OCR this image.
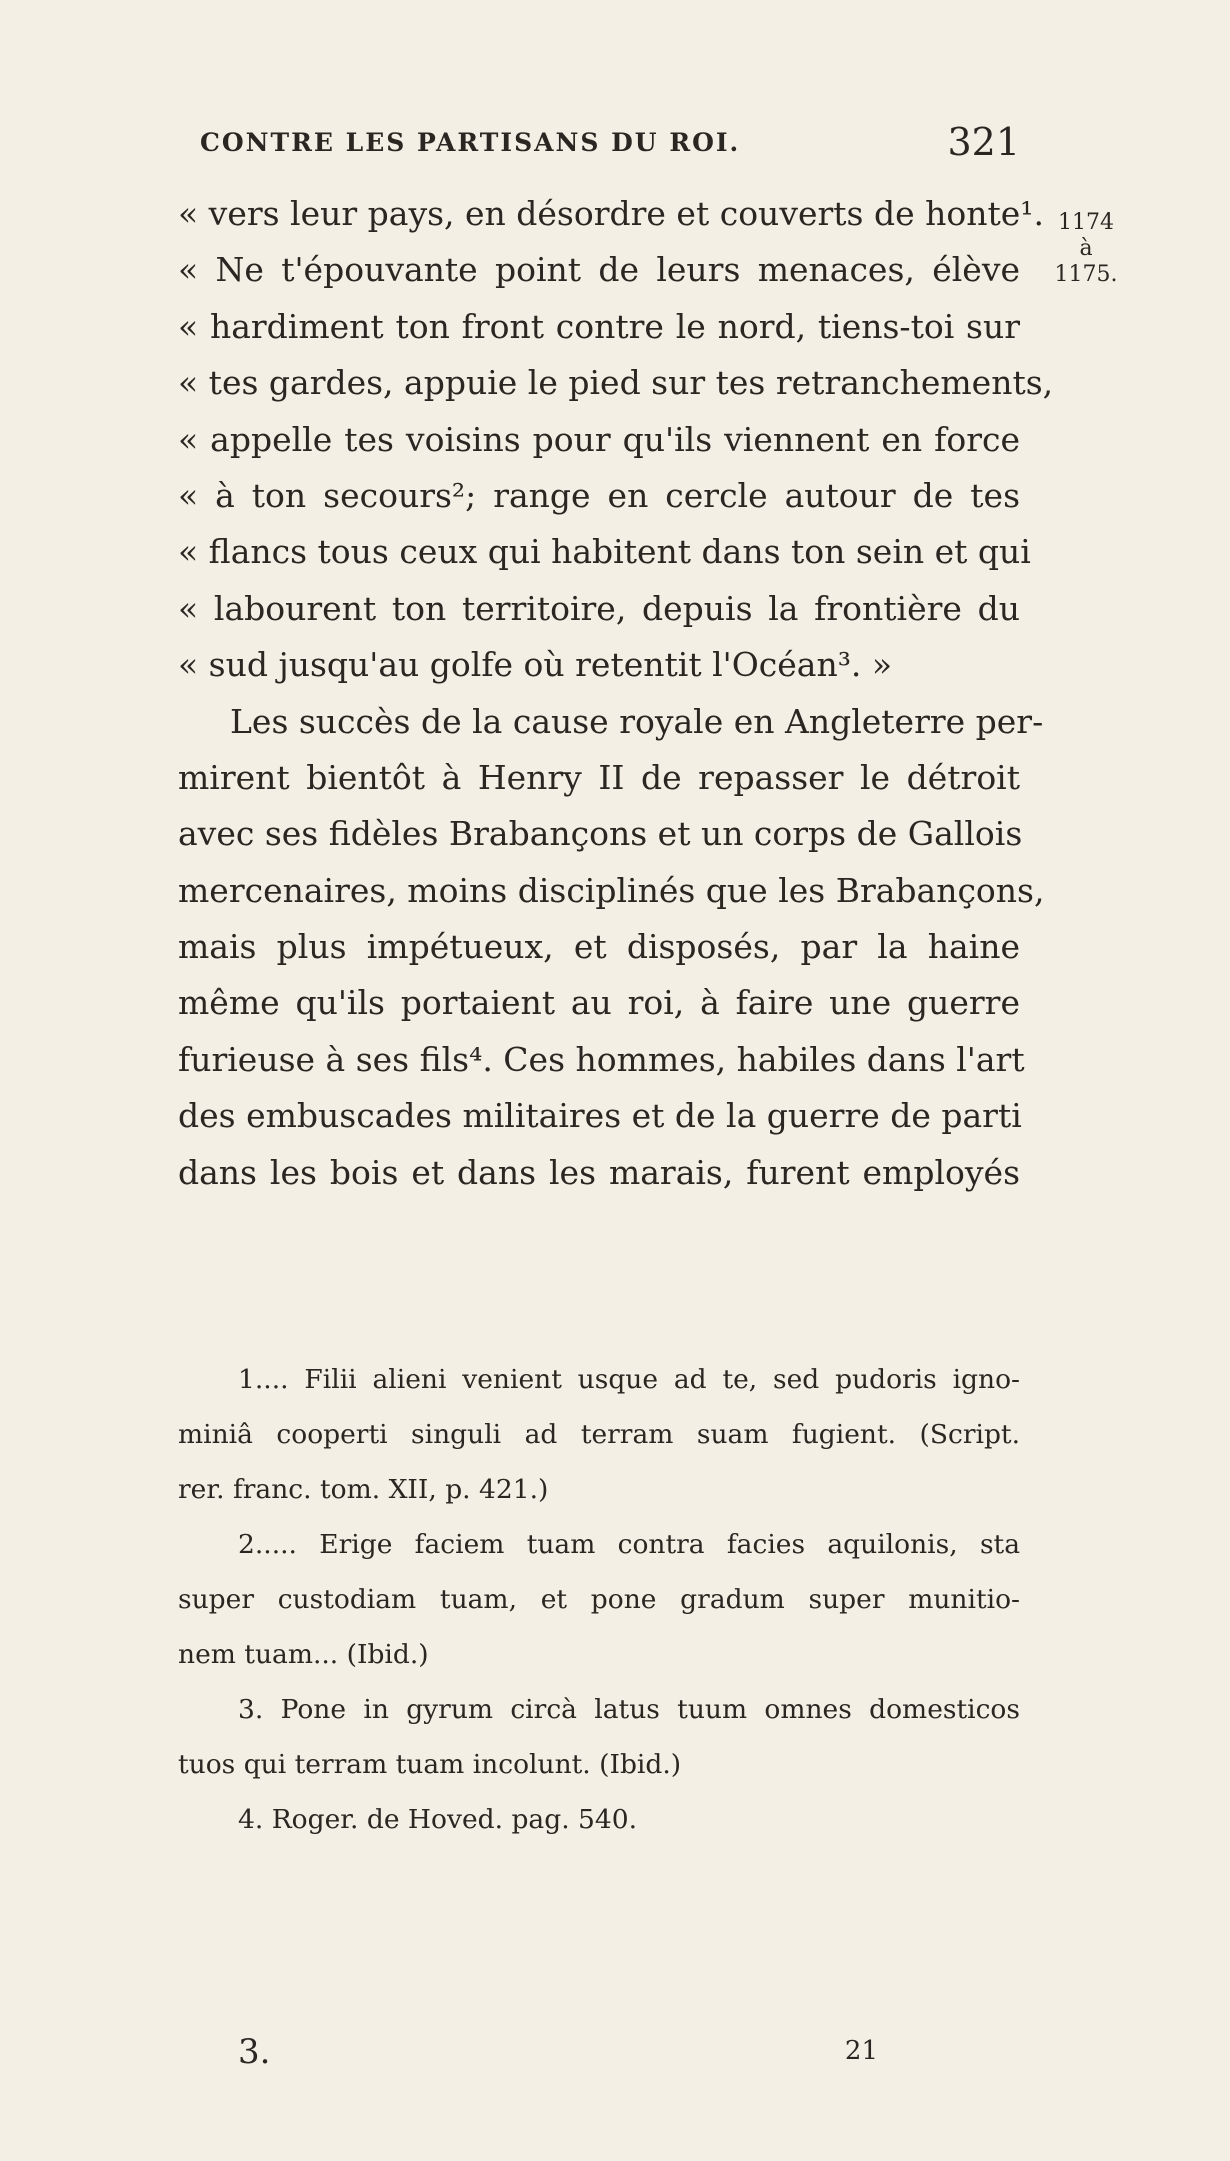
CONTRE LES PARTISANS DU ROI.	321
1174
à
1175.
« vers leur pays, en désordre et couverts de honte¹.
« Ne t'épouvante point de leurs menaces, élève
« hardiment ton front contre le nord, tiens-toi sur
« tes gardes, appuie le pied sur tes retranchements,
« appelle tes voisins pour qu'ils viennent en force
« à ton secours²; range en cercle autour de tes
« flancs tous ceux qui habitent dans ton sein et qui
« labourent ton territoire, depuis la frontière du
« sud jusqu'au golfe où retentit l'Océan³. »
Les succès de la cause royale en Angleterre per-
mirent bientôt à Henry II de repasser le détroit
avec ses fidèles Brabançons et un corps de Gallois
mercenaires, moins disciplinés que les Brabançons,
mais plus impétueux, et disposés, par la haine
même qu'ils portaient au roi, à faire une guerre
furieuse à ses fils⁴. Ces hommes, habiles dans l'art
des embuscades militaires et de la guerre de parti
dans les bois et dans les marais, furent employés
1.... Filii alieni venient usque ad te, sed pudoris igno-
miniâ cooperti singuli ad terram suam fugient. (Script.
rer. franc. tom. XII, p. 421.)
2..... Erige faciem tuam contra facies aquilonis, sta
super custodiam tuam, et pone gradum super munitio-
nem tuam... (Ibid.)
3. Pone in gyrum circà latus tuum omnes domesticos
tuos qui terram tuam incolunt. (Ibid.)
4. Roger. de Hoved. pag. 540.
3.	21
